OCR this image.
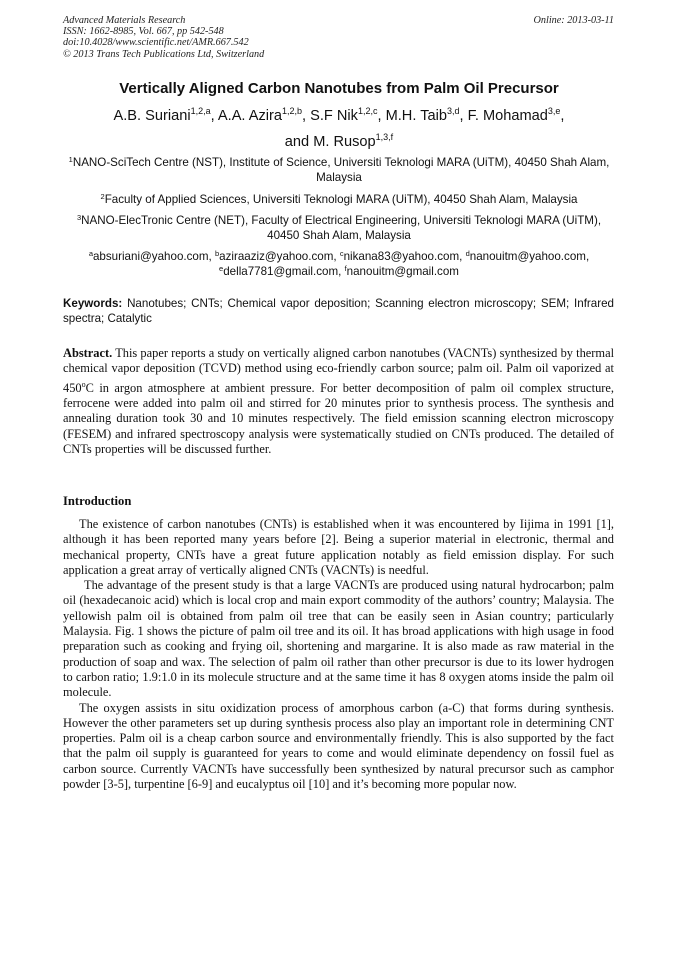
Advanced Materials Research
ISSN: 1662-8985, Vol. 667, pp 542-548
doi:10.4028/www.scientific.net/AMR.667.542
© 2013 Trans Tech Publications Ltd, Switzerland
Online: 2013-03-11
Vertically Aligned Carbon Nanotubes from Palm Oil Precursor
A.B. Suriani$^{1,2,a}$, A.A. Azira$^{1,2,b}$, S.F Nik$^{1,2,c}$, M.H. Taib$^{3,d}$, F. Mohamad$^{3,e}$,
and M. Rusop$^{1,3,f}$
$^1$NANO-SciTech Centre (NST), Institute of Science, Universiti Teknologi MARA (UiTM), 40450 Shah Alam, Malaysia
$^2$Faculty of Applied Sciences, Universiti Teknologi MARA (UiTM), 40450 Shah Alam, Malaysia
$^3$NANO-ElecTronic Centre (NET), Faculty of Electrical Engineering, Universiti Teknologi MARA (UiTM), 40450 Shah Alam, Malaysia
$^a$absuriani@yahoo.com, $^b$aziraaziz@yahoo.com, $^c$nikana83@yahoo.com, $^d$nanouitm@yahoo.com,
$^e$della7781@gmail.com, $^f$nanouitm@gmail.com
Keywords: Nanotubes; CNTs; Chemical vapor deposition; Scanning electron microscopy; SEM; Infrared spectra; Catalytic
Abstract. This paper reports a study on vertically aligned carbon nanotubes (VACNTs) synthesized by thermal chemical vapor deposition (TCVD) method using eco-friendly carbon source; palm oil. Palm oil vaporized at 450$^o$C in argon atmosphere at ambient pressure. For better decomposition of palm oil complex structure, ferrocene were added into palm oil and stirred for 20 minutes prior to synthesis process. The synthesis and annealing duration took 30 and 10 minutes respectively. The field emission scanning electron microscopy (FESEM) and infrared spectroscopy analysis were systematically studied on CNTs produced. The detailed of CNTs properties will be discussed further.
Introduction

The existence of carbon nanotubes (CNTs) is established when it was encountered by Iijima in 1991 [1], although it has been reported many years before [2]. Being a superior material in electronic, thermal and mechanical property, CNTs have a great future application notably as field emission display. For such application a great array of vertically aligned CNTs (VACNTs) is needful.

The advantage of the present study is that a large VACNTs are produced using natural hydrocarbon; palm oil (hexadecanoic acid) which is local crop and main export commodity of the authors’ country; Malaysia. The yellowish palm oil is obtained from palm oil tree that can be easily seen in Asian country; particularly Malaysia. Fig. 1 shows the picture of palm oil tree and its oil. It has broad applications with high usage in food preparation such as cooking and frying oil, shortening and margarine. It is also made as raw material in the production of soap and wax. The selection of palm oil rather than other precursor is due to its lower hydrogen to carbon ratio; 1.9:1.0 in its molecule structure and at the same time it has 8 oxygen atoms inside the palm oil molecule.

The oxygen assists in situ oxidization process of amorphous carbon (a-C) that forms during synthesis. However the other parameters set up during synthesis process also play an important role in determining CNT properties. Palm oil is a cheap carbon source and environmentally friendly. This is also supported by the fact that the palm oil supply is guaranteed for years to come and would eliminate dependency on fossil fuel as carbon source. Currently VACNTs have successfully been synthesized by natural precursor such as camphor powder [3-5], turpentine [6-9] and eucalyptus oil [10] and it’s becoming more popular now.
